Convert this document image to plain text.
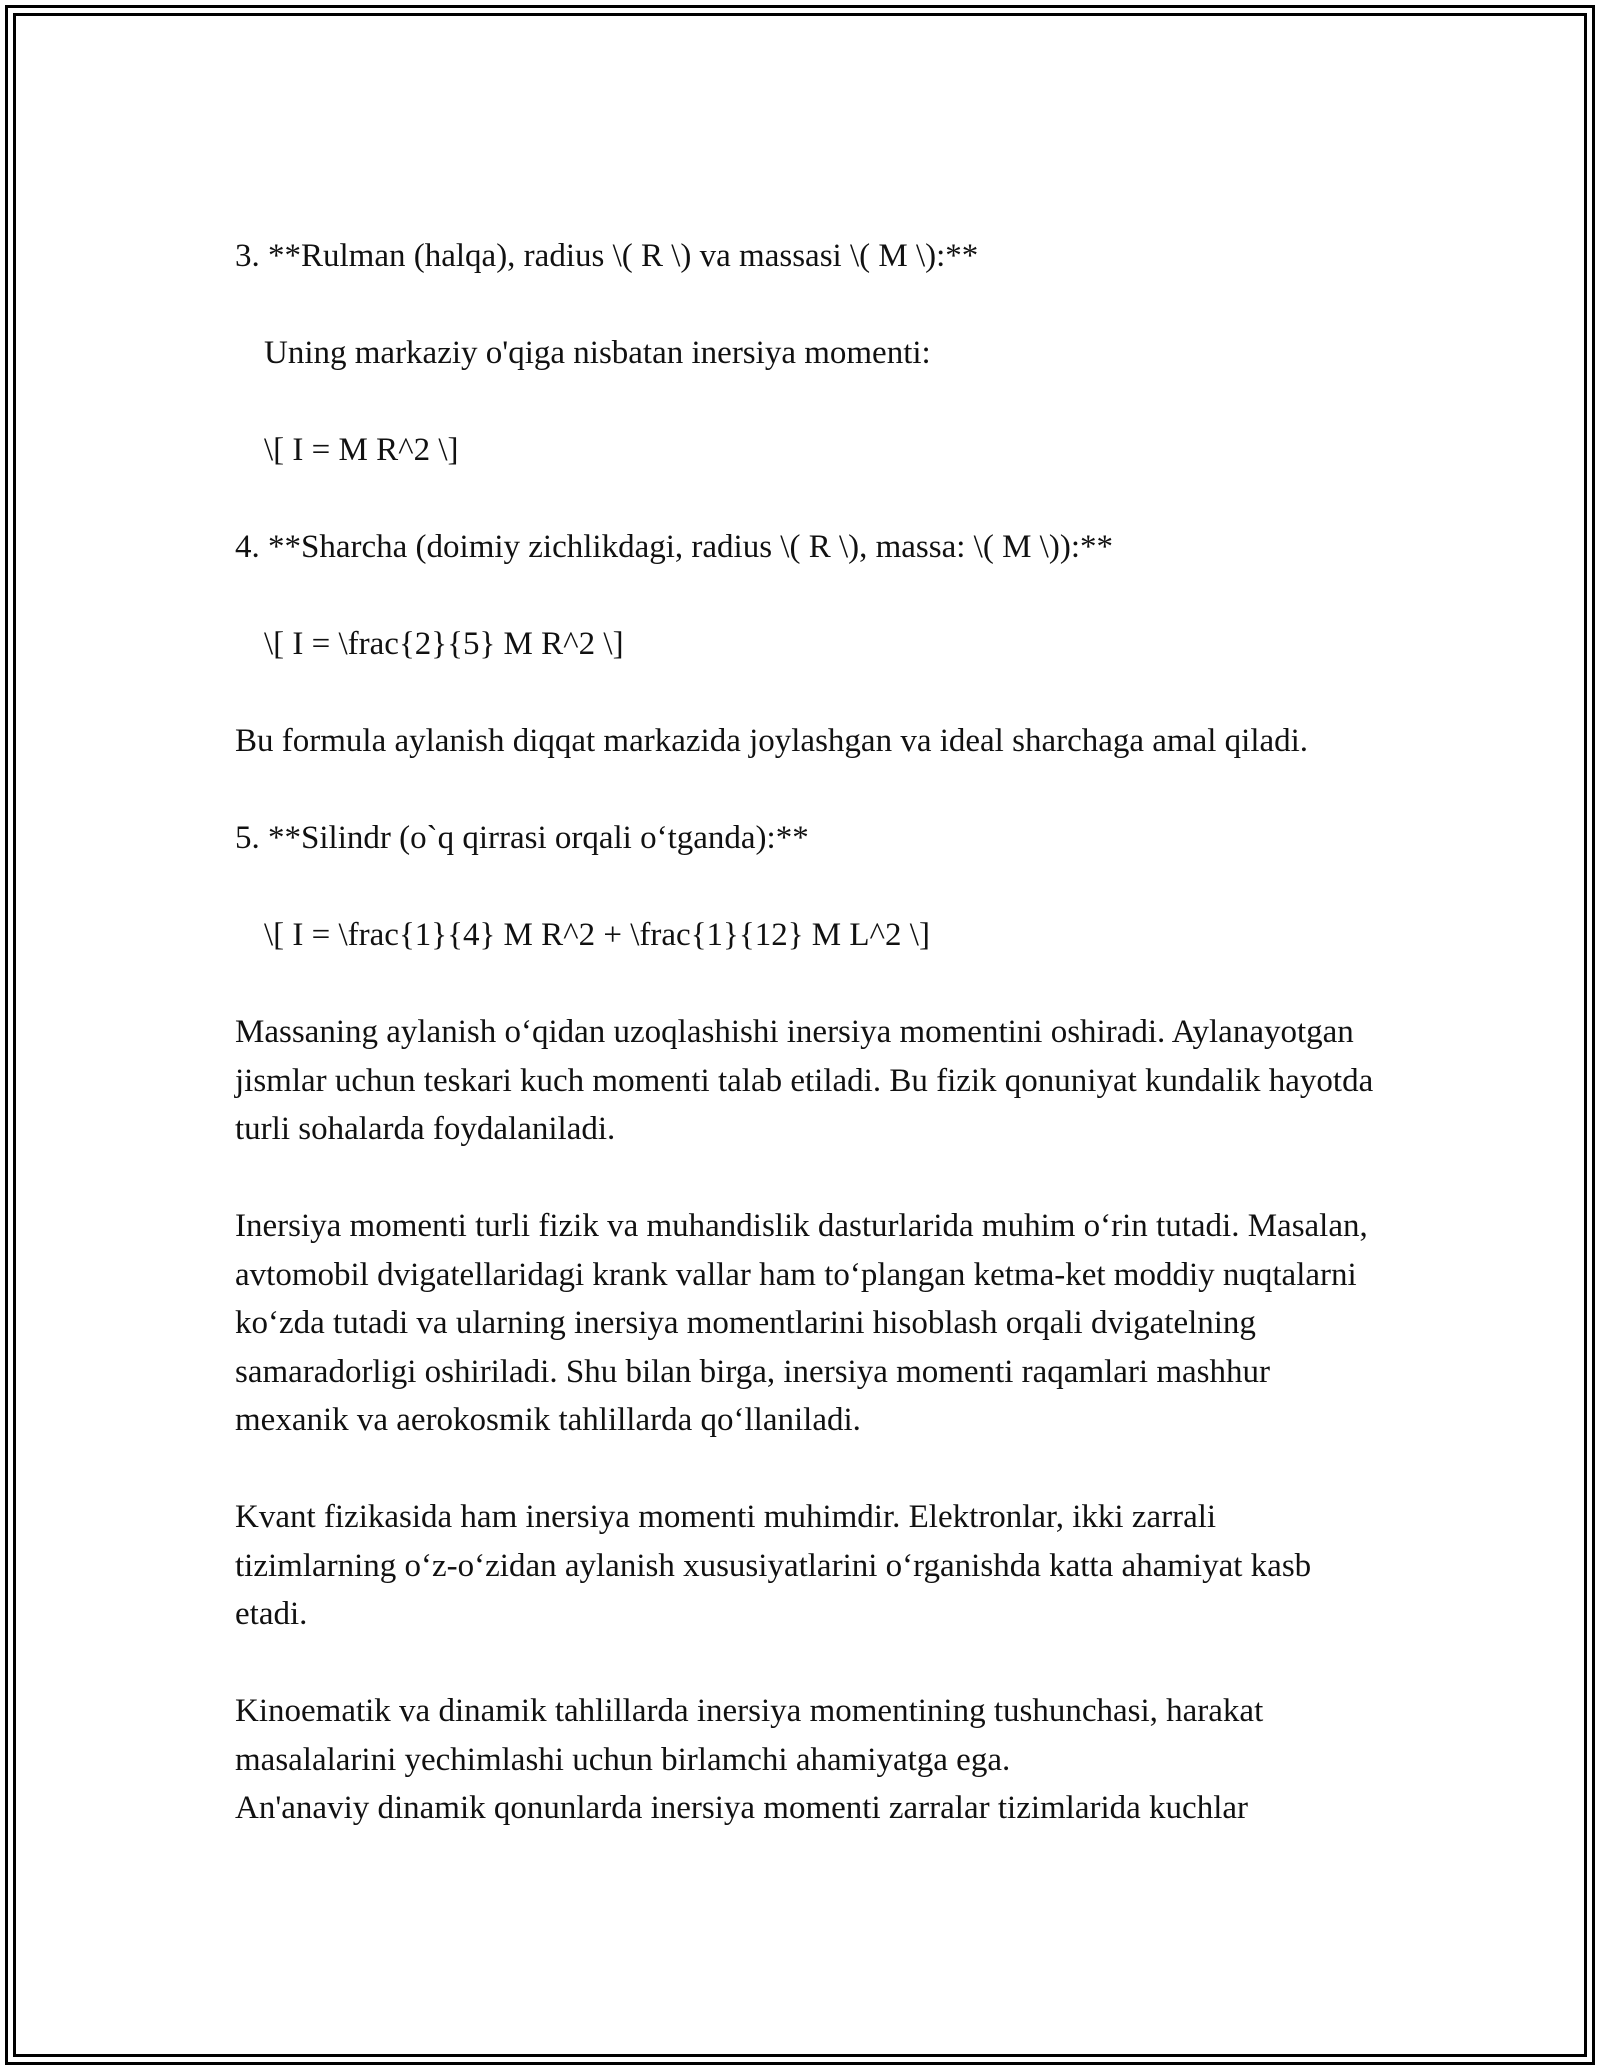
3. **Rulman (halqa), radius \( R \) va massasi \( M \):**

Uning markaziy o'qiga nisbatan inersiya momenti:

\[ I = M R^2 \]

4. **Sharcha (doimiy zichlikdagi, radius \( R \), massa: \( M \)):**

\[ I = \frac{2}{5} M R^2 \]

Bu formula aylanish diqqat markazida joylashgan va ideal sharchaga amal qiladi.

5. **Silindr (o`q qirrasi orqali o‘tganda):**

\[ I = \frac{1}{4} M R^2 + \frac{1}{12} M L^2 \]

Massaning aylanish o‘qidan uzoqlashishi inersiya momentini oshiradi. Aylanayotgan jismlar uchun teskari kuch momenti talab etiladi. Bu fizik qonuniyat kundalik hayotda turli sohalarda foydalaniladi.

Inersiya momenti turli fizik va muhandislik dasturlarida muhim o‘rin tutadi. Masalan, avtomobil dvigatellaridagi krank vallar ham to‘plangan ketma-ket moddiy nuqtalarni ko‘zda tutadi va ularning inersiya momentlarini hisoblash orqali dvigatelning samaradorligi oshiriladi. Shu bilan birga, inersiya momenti raqamlari mashhur mexanik va aerokosmik tahlillarda qo‘llaniladi.

Kvant fizikasida ham inersiya momenti muhimdir. Elektronlar, ikki zarrali tizimlarning o‘z-o‘zidan aylanish xususiyatlarini o‘rganishda katta ahamiyat kasb etadi.

Kinoematik va dinamik tahlillarda inersiya momentining tushunchasi, harakat masalalarini yechimlashi uchun birlamchi ahamiyatga ega.
An'anaviy dinamik qonunlarda inersiya momenti zarralar tizimlarida kuchlar
